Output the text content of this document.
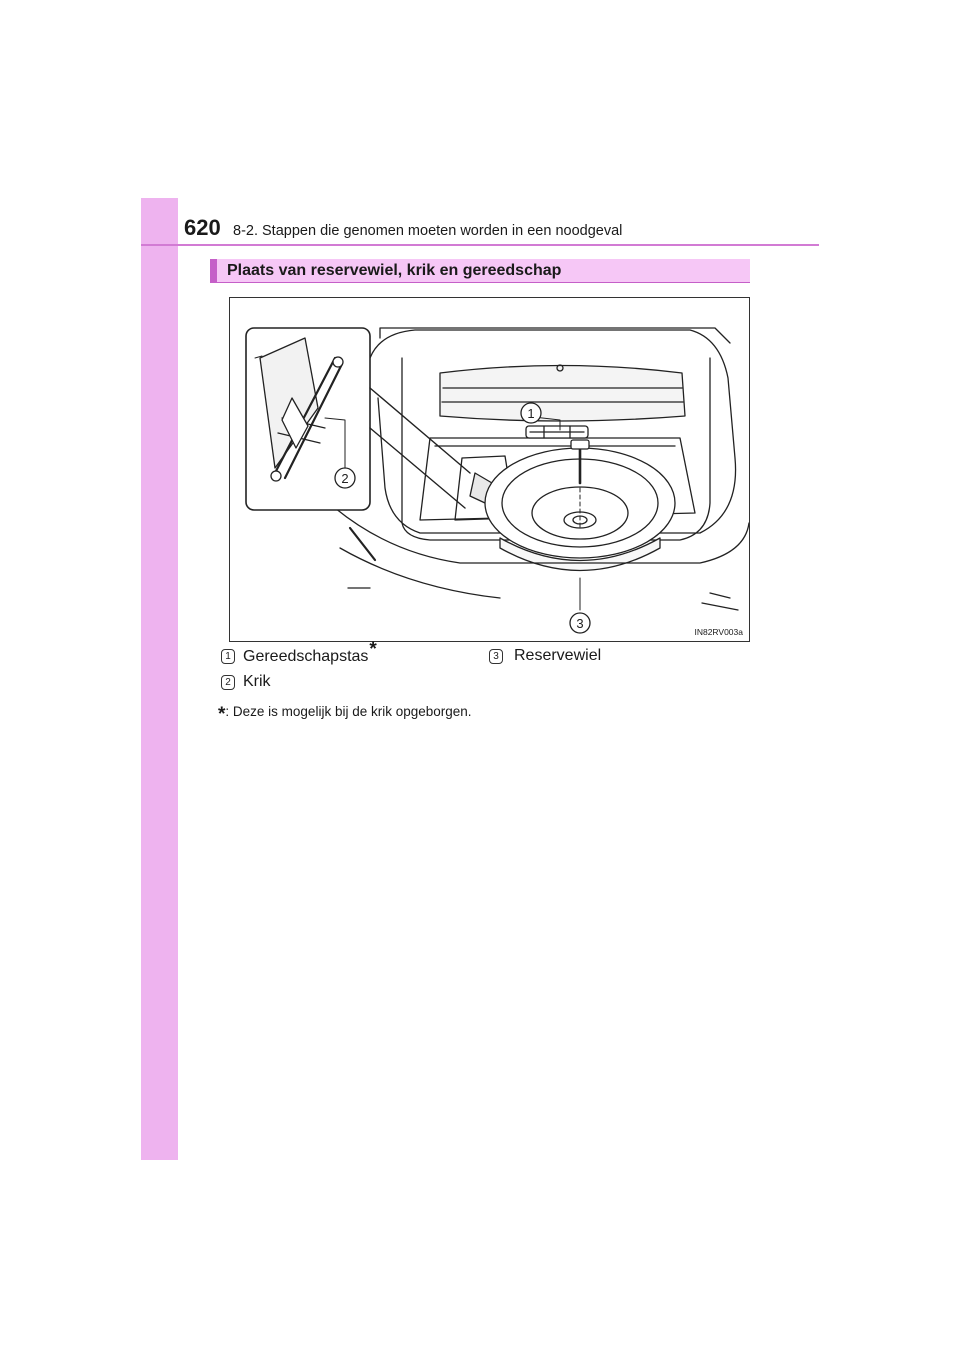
620 8-2. Stappen die genomen moeten worden in een noodgeval
Plaats van reservewiel, krik en gereedschap
1
2
3
IN82RV003a
1 Gereedschapstas*	3 Reservewiel
2 Krik
*: Deze is mogelijk bij de krik opgeborgen.
